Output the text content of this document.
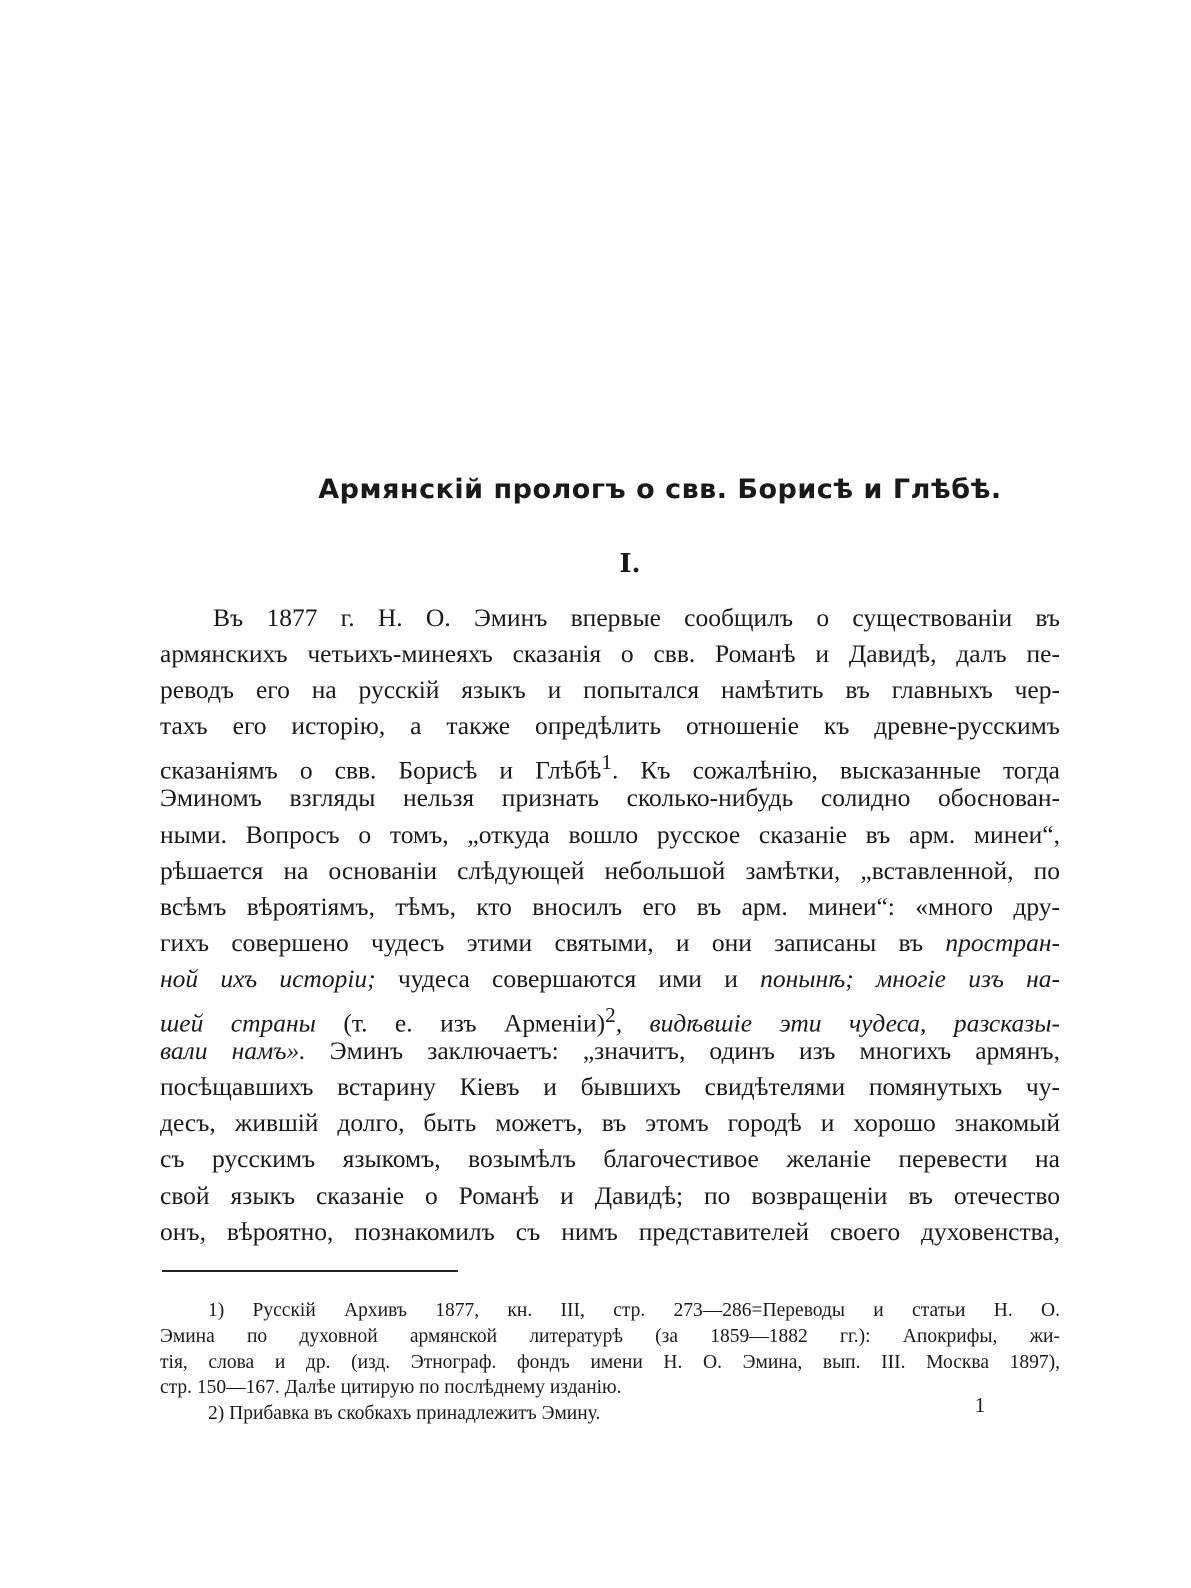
Армянскій прологъ о свв. Борисѣ и Глѣбѣ.
I.
Въ 1877 г. Н. О. Эминъ впервые сообщилъ о существованіи въ
армянскихъ четьихъ-минеяхъ сказанія о свв. Романѣ и Давидѣ, далъ пе-
реводъ его на русскій языкъ и попытался намѣтить въ главныхъ чер-
тахъ его исторію, а также опредѣлить отношеніе къ древне-русскимъ
сказаніямъ о свв. Борисѣ и Глѣбѣ$^1$. Къ сожалѣнію, высказанные тогда
Эминомъ взгляды нельзя признать сколько-нибудь солидно обоснован-
ными. Вопросъ о томъ, „откуда вошло русское сказаніе въ арм. минеи“,
рѣшается на основаніи слѣдующей небольшой замѣтки, „вставленной, по
всѣмъ вѣроятіямъ, тѣмъ, кто вносилъ его въ арм. минеи“: «много дру-
гихъ совершено чудесъ этими святыми, и они записаны въ простран-
ной ихъ исторіи; чудеса совершаются ими и понынѣ; многіе изъ на-
шей страны (т. е. изъ Арменіи)$^2$, видѣвшіе эти чудеса, разсказы-
вали намъ». Эминъ заключаетъ: „значитъ, одинъ изъ многихъ армянъ,
посѣщавшихъ встарину Кіевъ и бывшихъ свидѣтелями помянутыхъ чу-
десъ, жившій долго, быть можетъ, въ этомъ городѣ и хорошо знакомый
съ русскимъ языкомъ, возымѣлъ благочестивое желаніе перевести на
свой языкъ сказаніе о Романѣ и Давидѣ; по возвращеніи въ отечество
онъ, вѣроятно, познакомилъ съ нимъ представителей своего духовенства,
1) Русскій Архивъ 1877, кн. III, стр. 273—286=Переводы и статьи Н. О.
Эмина по духовной армянской литературѣ (за 1859—1882 гг.): Апокрифы, жи-
тія, слова и др. (изд. Этнограф. фондъ имени Н. О. Эмина, вып. III. Москва 1897),
стр. 150—167. Далѣе цитирую по послѣднему изданію.
2) Прибавка въ скобкахъ принадлежитъ Эмину.	1
